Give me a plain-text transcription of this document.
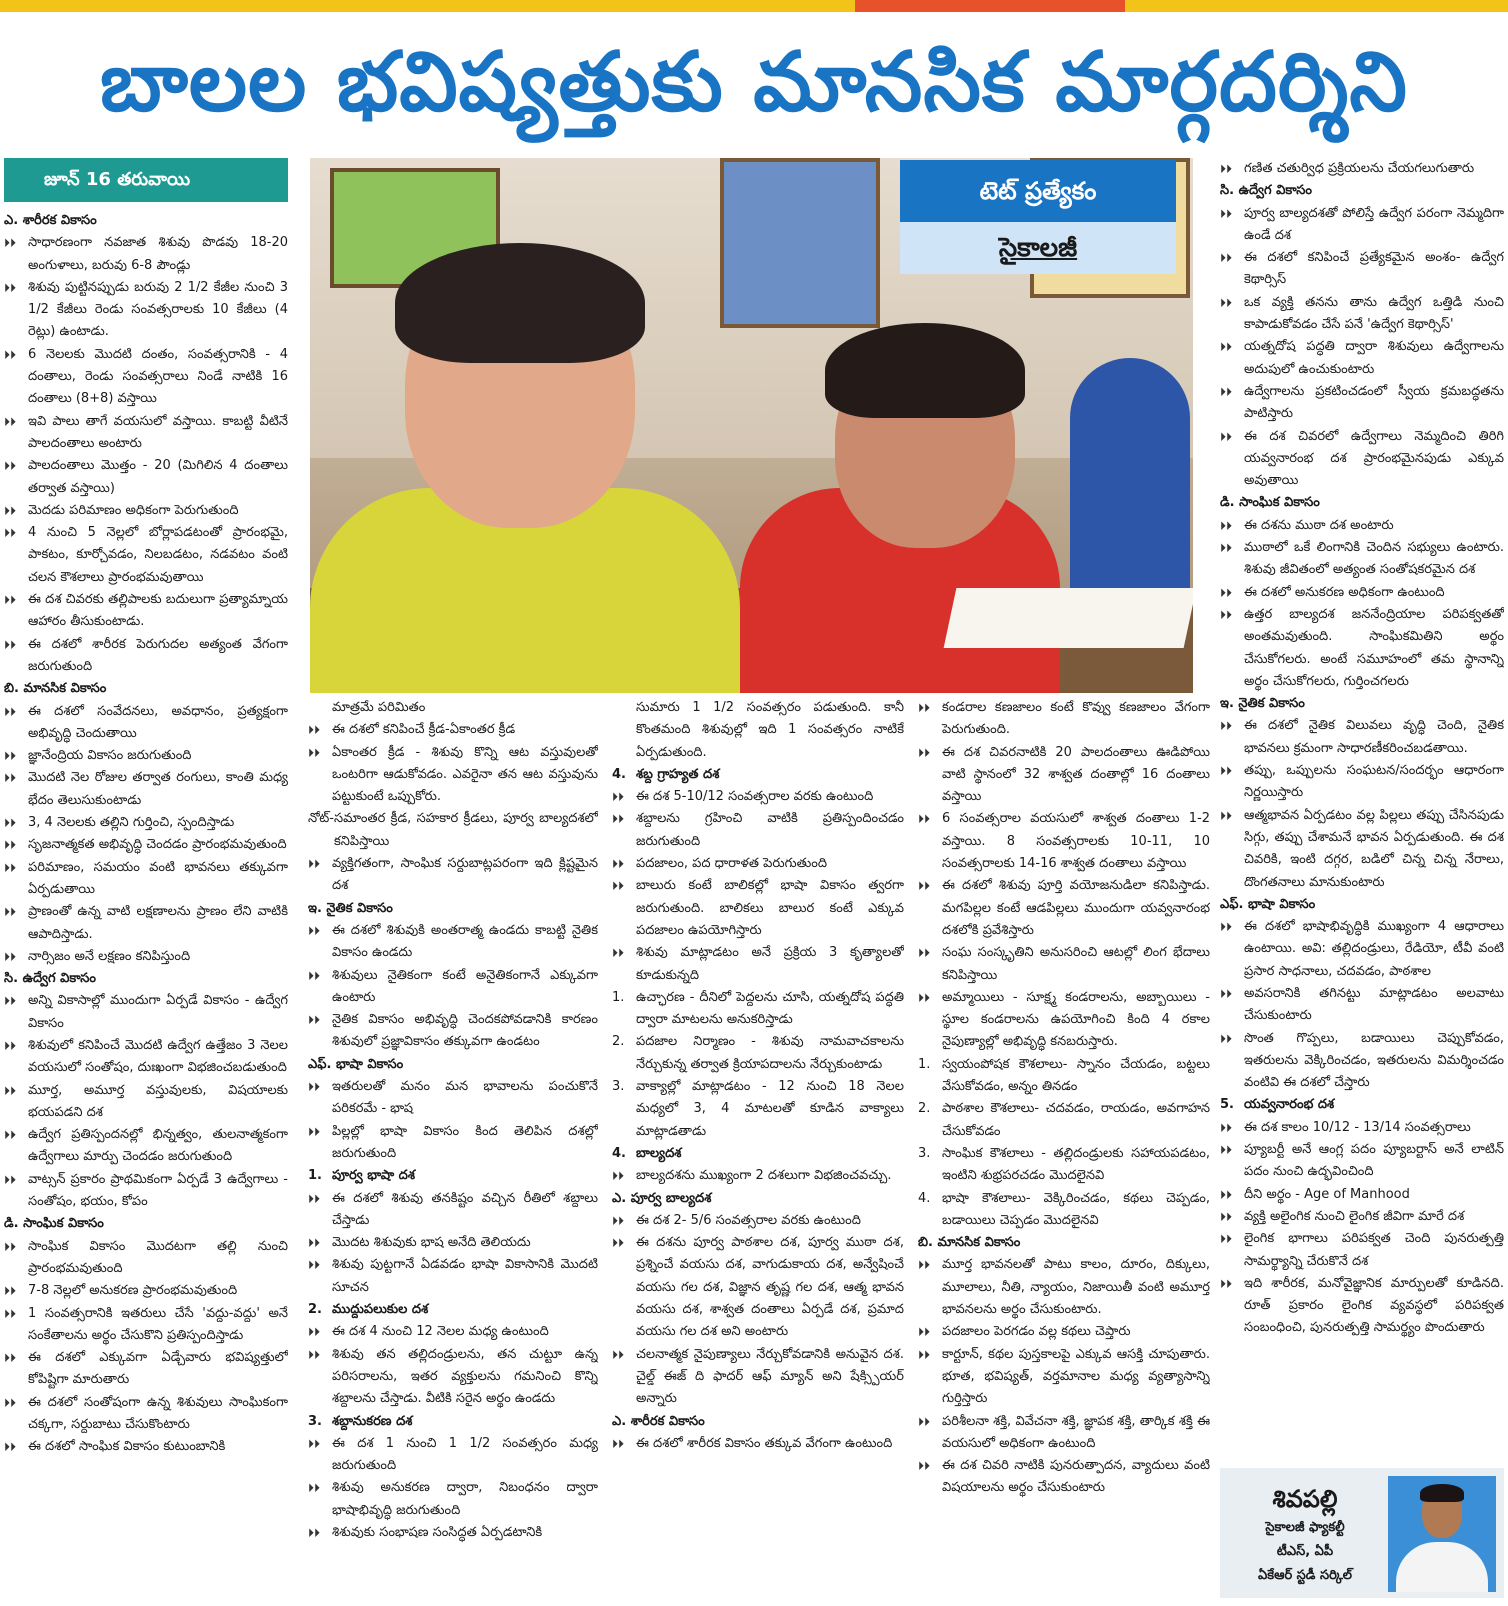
బాలల భవిష్యత్తుకు మానసిక మార్గదర్శిని
జూన్ 16 తరువాయి
ఎ. శారీరక వికాసం
⏵⏵ సాధారణంగా నవజాత శిశువు పొడవు 18-20 అంగుళాలు, బరువు 6-8 పౌండ్లు
⏵⏵ శిశువు పుట్టినప్పుడు బరువు 2 1/2 కేజీల నుంచి 3 1/2 కేజీలు రెండు సంవత్సరాలకు 10 కేజీలు (4 రెట్లు) ఉంటాడు.
⏵⏵ 6 నెలలకు మొదటి దంతం, సంవత్సరానికి - 4 దంతాలు, రెండు సంవత్సరాలు నిండే నాటికి 16 దంతాలు (8+8) వస్తాయి
⏵⏵ ఇవి పాలు తాగే వయసులో వస్తాయి. కాబట్టి వీటినే పాలదంతాలు అంటారు
⏵⏵ పాలదంతాలు మొత్తం - 20 (మిగిలిన 4 దంతాలు తర్వాత వస్తాయి)
⏵⏵ మెదడు పరిమాణం అధికంగా పెరుగుతుంది
⏵⏵ 4 నుంచి 5 నెల్లలో బోర్లాపడటంతో ప్రారంభమై, పాకటం, కూర్చోవడం, నిలబడటం, నడవటం వంటి చలన కౌశలాలు ప్రారంభమవుతాయి
⏵⏵ ఈ దశ చివరకు తల్లిపాలకు బదులుగా ప్రత్యామ్నాయ ఆహారం తీసుకుంటాడు.
⏵⏵ ఈ దశలో శారీరక పెరుగుదల అత్యంత వేగంగా జరుగుతుంది
బి. మానసిక వికాసం
⏵⏵ ఈ దశలో సంవేదనలు, అవధానం, ప్రత్యక్షంగా అభివృద్ధి చెందుతాయి
⏵⏵ జ్ఞానేంద్రియ వికాసం జరుగుతుంది
⏵⏵ మొదటి నెల రోజుల తర్వాత రంగులు, కాంతి మధ్య భేదం తెలుసుకుంటాడు
⏵⏵ 3, 4 నెలలకు తల్లిని గుర్తించి, స్పందిస్తాడు
⏵⏵ సృజనాత్మకత అభివృద్ధి చెందడం ప్రారంభమవుతుంది
⏵⏵ పరిమాణం, సమయం వంటి భావనలు తక్కువగా ఏర్పడుతాయి
⏵⏵ ప్రాణంతో ఉన్న వాటి లక్షణాలను ప్రాణం లేని వాటికి ఆపాదిస్తాడు.
⏵⏵ నార్సిజం అనే లక్షణం కనిపిస్తుంది
సి. ఉద్వేగ వికాసం
⏵⏵ అన్ని వికాసాల్లో ముందుగా ఏర్పడే వికాసం - ఉద్వేగ వికాసం
⏵⏵ శిశువులో కనిపించే మొదటి ఉద్వేగ ఉత్తేజం 3 నెలల వయసులో సంతోషం, దుఃఖంగా విభజించబడుతుంది
⏵⏵ మూర్త, అమూర్త వస్తువులకు, విషయాలకు భయపడని దశ
⏵⏵ ఉద్వేగ ప్రతిస్పందనల్లో భిన్నత్వం, తులనాత్మకంగా ఉద్వేగాలు మార్పు చెందడం జరుగుతుంది
⏵⏵ వాట్సన్ ప్రకారం ప్రాథమికంగా ఏర్పడే 3 ఉద్వేగాలు - సంతోషం, భయం, కోపం
డి. సాంఘిక వికాసం
⏵⏵ సాంఘిక వికాసం మొదటగా తల్లి నుంచి ప్రారంభమవుతుంది
⏵⏵ 7-8 నెల్లలో అనుకరణ ప్రారంభమవుతుంది
⏵⏵ 1 సంవత్సరానికి ఇతరులు చేసే 'వద్దు-వద్దు' అనే సంకేతాలను అర్థం చేసుకొని ప్రతిస్పందిస్తాడు
⏵⏵ ఈ దశలో ఎక్కువగా ఏడ్చేవారు భవిష్యత్తులో కోపిష్టిగా మారుతారు
⏵⏵ ఈ దశలో సంతోషంగా ఉన్న శిశువులు సాంఘికంగా చక్కగా, సర్దుబాటు చేసుకొంటారు
⏵⏵ ఈ దశలో సాంఘిక వికాసం కుటుంబానికి
టెట్ ప్రత్యేకం
సైకాలజీ
మాత్రమే పరిమితం
⏵⏵ ఈ దశలో కనిపించే క్రీడ-ఏకాంతర క్రీడ
⏵⏵ ఏకాంతర క్రీడ - శిశువు కొన్ని ఆట వస్తువులతో ఒంటరిగా ఆడుకోవడం. ఎవరైనా తన ఆట వస్తువును పట్టుకుంటే ఒప్పుకోరు.
నోట్- సమాంతర క్రీడ, సహకార క్రీడలు, పూర్వ బాల్యదశలో కనిపిస్తాయి
⏵⏵ వ్యక్తిగతంగా, సాంఘిక సర్దుబాట్లపరంగా ఇది క్లిష్టమైన దశ
ఇ. నైతిక వికాసం
⏵⏵ ఈ దశలో శిశువుకి అంతరాత్మ ఉండదు కాబట్టి నైతిక వికాసం ఉండదు
⏵⏵ శిశువులు నైతికంగా కంటే అనైతికంగానే ఎక్కువగా ఉంటారు
⏵⏵ నైతిక వికాసం అభివృద్ధి చెందకపోవడానికి కారణం శిశువులో ప్రజ్ఞావికాసం తక్కువగా ఉండటం
ఎఫ్. భాషా వికాసం
⏵⏵ ఇతరులతో మనం మన భావాలను పంచుకొనే పరికరమే - భాష
⏵⏵ పిల్లల్లో భాషా వికాసం కింద తెలిపిన దశల్లో జరుగుతుంది
1. పూర్వ భాషా దశ
⏵⏵ ఈ దశలో శిశువు తనకిష్టం వచ్చిన రీతిలో శబ్దాలు చేస్తాడు
⏵⏵ మొదట శిశువుకు భాష అనేది తెలియదు
⏵⏵ శిశువు పుట్టగానే ఏడవడం భాషా వికాసానికి మొదటి సూచన
2. ముద్దుపలుకుల దశ
⏵⏵ ఈ దశ 4 నుంచి 12 నెలల మధ్య ఉంటుంది
⏵⏵ శిశువు తన తల్లిదండ్రులను, తన చుట్టూ ఉన్న పరిసరాలను, ఇతర వ్యక్తులను గమనించి కొన్ని శబ్దాలను చేస్తాడు. వీటికి సరైన అర్థం ఉండదు
3. శబ్దానుకరణ దశ
⏵⏵ ఈ దశ 1 నుంచి 1 1/2 సంవత్సరం మధ్య జరుగుతుంది
⏵⏵ శిశువు అనుకరణ ద్వారా, నిబంధనం ద్వారా భాషాభివృద్ధి జరుగుతుంది
⏵⏵ శిశువుకు సంభాషణ సంసిద్ధత ఏర్పడటానికి
సుమారు 1 1/2 సంవత్సరం పడుతుంది. కానీ కొంతమంది శిశువుల్లో ఇది 1 సంవత్సరం నాటికే ఏర్పడుతుంది.
4. శబ్ద గ్రాహ్యత దశ
⏵⏵ ఈ దశ 5-10/12 సంవత్సరాల వరకు ఉంటుంది
⏵⏵ శబ్దాలను గ్రహించి వాటికి ప్రతిస్పందించడం జరుగుతుంది
⏵⏵ పదజాలం, పద ధారాళత పెరుగుతుంది
⏵⏵ బాలురు కంటే బాలికల్లో భాషా వికాసం త్వరగా జరుగుతుంది. బాలికలు బాలుర కంటే ఎక్కువ పదజాలం ఉపయోగిస్తారు
⏵⏵ శిశువు మాట్లాడటం అనే ప్రక్రియ 3 కృత్యాలతో కూడుకున్నది
1. ఉచ్ఛారణ - దీనిలో పెద్దలను చూసి, యత్నదోష పద్ధతి ద్వారా మాటలను అనుకరిస్తాడు
2. పదజాల నిర్మాణం - శిశువు నామవాచకాలను నేర్చుకున్న తర్వాత క్రియాపదాలను నేర్చుకుంటాడు
3. వాక్యాల్లో మాట్లాడటం - 12 నుంచి 18 నెలల మధ్యలో 3, 4 మాటలతో కూడిన వాక్యాలు మాట్లాడతాడు
4. బాల్యదశ
⏵⏵ బాల్యదశను ముఖ్యంగా 2 దశలుగా విభజించవచ్చు.
ఎ. పూర్వ బాల్యదశ
⏵⏵ ఈ దశ 2- 5/6 సంవత్సరాల వరకు ఉంటుంది
⏵⏵ ఈ దశను పూర్వ పాఠశాల దశ, పూర్వ ముఠా దశ, ప్రశ్నించే వయసు దశ, వాగుడుకాయ దశ, అన్వేషించే వయసు గల దశ, విజ్ఞాన తృష్ణ గల దశ, ఆత్మ భావన వయసు దశ, శాశ్వత దంతాలు ఏర్పడే దశ, ప్రమాద వయసు గల దశ అని అంటారు
⏵⏵ చలనాత్మక నైపుణ్యాలు నేర్చుకోవడానికి అనువైన దశ. చైల్డ్ ఈజ్ ది ఫాదర్ ఆఫ్ మ్యాన్ అని షేక్స్పియర్ అన్నారు
ఎ. శారీరక వికాసం
⏵⏵ ఈ దశలో శారీరక వికాసం తక్కువ వేగంగా ఉంటుంది
⏵⏵ కండరాల కణజాలం కంటే కొవ్వు కణజాలం వేగంగా పెరుగుతుంది.
⏵⏵ ఈ దశ చివరనాటికి 20 పాలదంతాలు ఊడిపోయి వాటి స్థానంలో 32 శాశ్వత దంతాల్లో 16 దంతాలు వస్తాయి
⏵⏵ 6 సంవత్సరాల వయసులో శాశ్వత దంతాలు 1-2 వస్తాయి. 8 సంవత్సరాలకు 10-11, 10 సంవత్సరాలకు 14-16 శాశ్వత దంతాలు వస్తాయి
⏵⏵ ఈ దశలో శిశువు పూర్తి వయోజనుడిలా కనిపిస్తాడు. మగపిల్లల కంటే ఆడపిల్లలు ముందుగా యవ్వనారంభ దశలోకి ప్రవేశిస్తారు
⏵⏵ సంఘ సంస్కృతిని అనుసరించి ఆటల్లో లింగ భేదాలు కనిపిస్తాయి
⏵⏵ అమ్మాయిలు - సూక్ష్మ కండరాలను, అబ్బాయిలు - స్థూల కండరాలను ఉపయోగించి కింది 4 రకాల నైపుణ్యాల్లో అభివృద్ధి కనబరుస్తారు.
1. స్వయంపోషక కౌశలాలు- స్నానం చేయడం, బట్టలు వేసుకోవడం, అన్నం తినడం
2. పాఠశాల కౌశలాలు- చదవడం, రాయడం, అవగాహన చేసుకోవడం
3. సాంఘిక కౌశలాలు - తల్లిదండ్రులకు సహాయపడటం, ఇంటిని శుభ్రపరచడం మొదలైనవి
4. భాషా కౌశలాలు- వెక్కిరించడం, కథలు చెప్పడం, బడాయిలు చెప్పడం మొదలైనవి
బి. మానసిక వికాసం
⏵⏵ మూర్త భావనలతో పాటు కాలం, దూరం, దిక్కులు, మూలాలు, నీతి, న్యాయం, నిజాయితీ వంటి అమూర్త భావనలను అర్థం చేసుకుంటారు.
⏵⏵ పదజాలం పెరగడం వల్ల కథలు చెప్తారు
⏵⏵ కార్టూన్, కథల పుస్తకాలపై ఎక్కువ ఆసక్తి చూపుతారు. భూత, భవిష్యత్, వర్తమానాల మధ్య వ్యత్యాసాన్ని గుర్తిస్తారు
⏵⏵ పరిశీలనా శక్తి, వివేచనా శక్తి, జ్ఞాపక శక్తి, తార్కిక శక్తి ఈ వయసులో అధికంగా ఉంటుంది
⏵⏵ ఈ దశ చివరి నాటికి పునరుత్పాదన, వ్యాదులు వంటి విషయాలను అర్థం చేసుకుంటారు
⏵⏵ గణిత చతుర్విధ ప్రక్రియలను చేయగలుగుతారు
సి. ఉద్వేగ వికాసం
⏵⏵ పూర్వ బాల్యదశతో పోలిస్తే ఉద్వేగ పరంగా నెమ్మదిగా ఉండే దశ
⏵⏵ ఈ దశలో కనిపించే ప్రత్యేకమైన అంశం- ఉద్వేగ కెథార్సిస్
⏵⏵ ఒక వ్యక్తి తనను తాను ఉద్వేగ ఒత్తిడి నుంచి కాపాడుకోవడం చేసే పనే 'ఉద్వేగ కెథార్సిస్'
⏵⏵ యత్నదోష పద్ధతి ద్వారా శిశువులు ఉద్వేగాలను అదుపులో ఉంచుకుంటారు
⏵⏵ ఉద్వేగాలను ప్రకటించడంలో స్వీయ క్రమబద్ధతను పాటిస్తారు
⏵⏵ ఈ దశ చివరలో ఉద్వేగాలు నెమ్మదించి తిరిగి యవ్వనారంభ దశ ప్రారంభమైనపుడు ఎక్కువ అవుతాయి
డి. సాంఘిక వికాసం
⏵⏵ ఈ దశను ముఠా దశ అంటారు
⏵⏵ ముఠాలో ఒకే లింగానికి చెందిన సభ్యులు ఉంటారు. శిశువు జీవితంలో అత్యంత సంతోషకరమైన దశ
⏵⏵ ఈ దశలో అనుకరణ అధికంగా ఉంటుంది
⏵⏵ ఉత్తర బాల్యదశ జననేంద్రియాల పరిపక్వతతో అంతమవుతుంది. సాంఘికమితిని అర్థం చేసుకోగలరు. అంటే సమూహంలో తమ స్థానాన్ని అర్థం చేసుకోగలరు, గుర్తించగలరు
ఇ. నైతిక వికాసం
⏵⏵ ఈ దశలో నైతిక విలువలు వృద్ధి చెంది, నైతిక భావనలు క్రమంగా సాధారణీకరించబడతాయి.
⏵⏵ తప్పు, ఒప్పులను సంఘటన/సందర్భం ఆధారంగా నిర్ణయిస్తారు
⏵⏵ ఆత్మభావన ఏర్పడటం వల్ల పిల్లలు తప్పు చేసినపుడు సిగ్గు, తప్పు చేశామనే భావన ఏర్పడుతుంది. ఈ దశ చివరికి, ఇంటి దగ్గర, బడిలో చిన్న చిన్న నేరాలు, దొంగతనాలు మానుకుంటారు
ఎఫ్. భాషా వికాసం
⏵⏵ ఈ దశలో భాషాభివృద్ధికి ముఖ్యంగా 4 ఆధారాలు ఉంటాయి. అవి: తల్లిదండ్రులు, రేడియో, టీవీ వంటి ప్రసార సాధనాలు, చదవడం, పాఠశాల
⏵⏵ అవసరానికి తగినట్టు మాట్లాడటం అలవాటు చేసుకుంటారు
⏵⏵ సొంత గొప్పలు, బడాయిలు చెప్పుకోవడం, ఇతరులను వెక్కిరించడం, ఇతరులను విమర్శించడం వంటివి ఈ దశలో చేస్తారు
5. యవ్వనారంభ దశ
⏵⏵ ఈ దశ కాలం 10/12 - 13/14 సంవత్సరాలు
⏵⏵ ప్యూబర్టీ అనే ఆంగ్ల పదం ప్యూబర్టాస్ అనే లాటిన్ పదం నుంచి ఉద్భవించింది
⏵⏵ దీని అర్థం - Age of Manhood
⏵⏵ వ్యక్తి అలైంగిక నుంచి లైంగిక జీవిగా మారే దశ
⏵⏵ లైంగిక భాగాలు పరిపక్వత చెంది పునరుత్పత్తి సామర్థ్యాన్ని చేరుకొనే దశ
⏵⏵ ఇది శారీరక, మనోవైజ్ఞానిక మార్పులతో కూడినది. రూత్ ప్రకారం లైంగిక వ్యవస్థలో పరిపక్వత సంబంధించి, పునరుత్పత్తి సామర్థ్యం పొందుతారు
శివపల్లి
సైకాలజీ ఫ్యాకల్టీ
టీఎస్, ఏపీ
ఏకేఆర్ స్టడీ సర్కిల్
